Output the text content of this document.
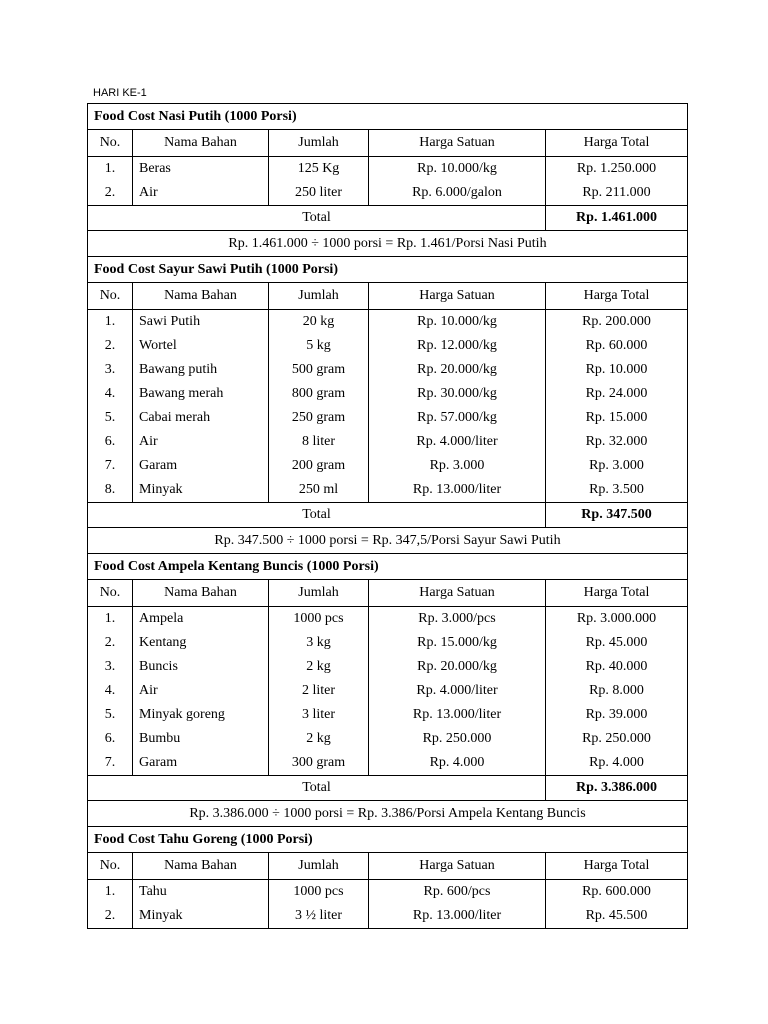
HARI KE-1
Food Cost Nasi Putih (1000 Porsi)				
No.	Nama Bahan	Jumlah	Harga Satuan	Harga Total
1.	Beras	125 Kg	Rp. 10.000/kg	Rp. 1.250.000
2.	Air	250 liter	Rp. 6.000/galon	Rp. 211.000
Total				Rp. 1.461.000
Rp. 1.461.000 ÷ 1000 porsi = Rp. 1.461/Porsi Nasi Putih				
Food Cost Sayur Sawi Putih (1000 Porsi)				
No.	Nama Bahan	Jumlah	Harga Satuan	Harga Total
1.	Sawi Putih	20 kg	Rp. 10.000/kg	Rp. 200.000
2.	Wortel	5 kg	Rp. 12.000/kg	Rp. 60.000
3.	Bawang putih	500 gram	Rp. 20.000/kg	Rp. 10.000
4.	Bawang merah	800 gram	Rp. 30.000/kg	Rp. 24.000
5.	Cabai merah	250 gram	Rp. 57.000/kg	Rp. 15.000
6.	Air	8 liter	Rp. 4.000/liter	Rp. 32.000
7.	Garam	200 gram	Rp. 3.000	Rp. 3.000
8.	Minyak	250 ml	Rp. 13.000/liter	Rp. 3.500
Total				Rp. 347.500
Rp. 347.500 ÷ 1000 porsi = Rp. 347,5/Porsi Sayur Sawi Putih				
Food Cost Ampela Kentang Buncis (1000 Porsi)				
No.	Nama Bahan	Jumlah	Harga Satuan	Harga Total
1.	Ampela	1000 pcs	Rp. 3.000/pcs	Rp. 3.000.000
2.	Kentang	3 kg	Rp. 15.000/kg	Rp. 45.000
3.	Buncis	2 kg	Rp. 20.000/kg	Rp. 40.000
4.	Air	2 liter	Rp. 4.000/liter	Rp. 8.000
5.	Minyak goreng	3 liter	Rp. 13.000/liter	Rp. 39.000
6.	Bumbu	2 kg	Rp. 250.000	Rp. 250.000
7.	Garam	300 gram	Rp. 4.000	Rp. 4.000
Total				Rp. 3.386.000
Rp. 3.386.000 ÷ 1000 porsi = Rp. 3.386/Porsi Ampela Kentang Buncis				
Food Cost Tahu Goreng (1000 Porsi)				
No.	Nama Bahan	Jumlah	Harga Satuan	Harga Total
1.	Tahu	1000 pcs	Rp. 600/pcs	Rp. 600.000
2.	Minyak	3 ½ liter	Rp. 13.000/liter	Rp. 45.500
